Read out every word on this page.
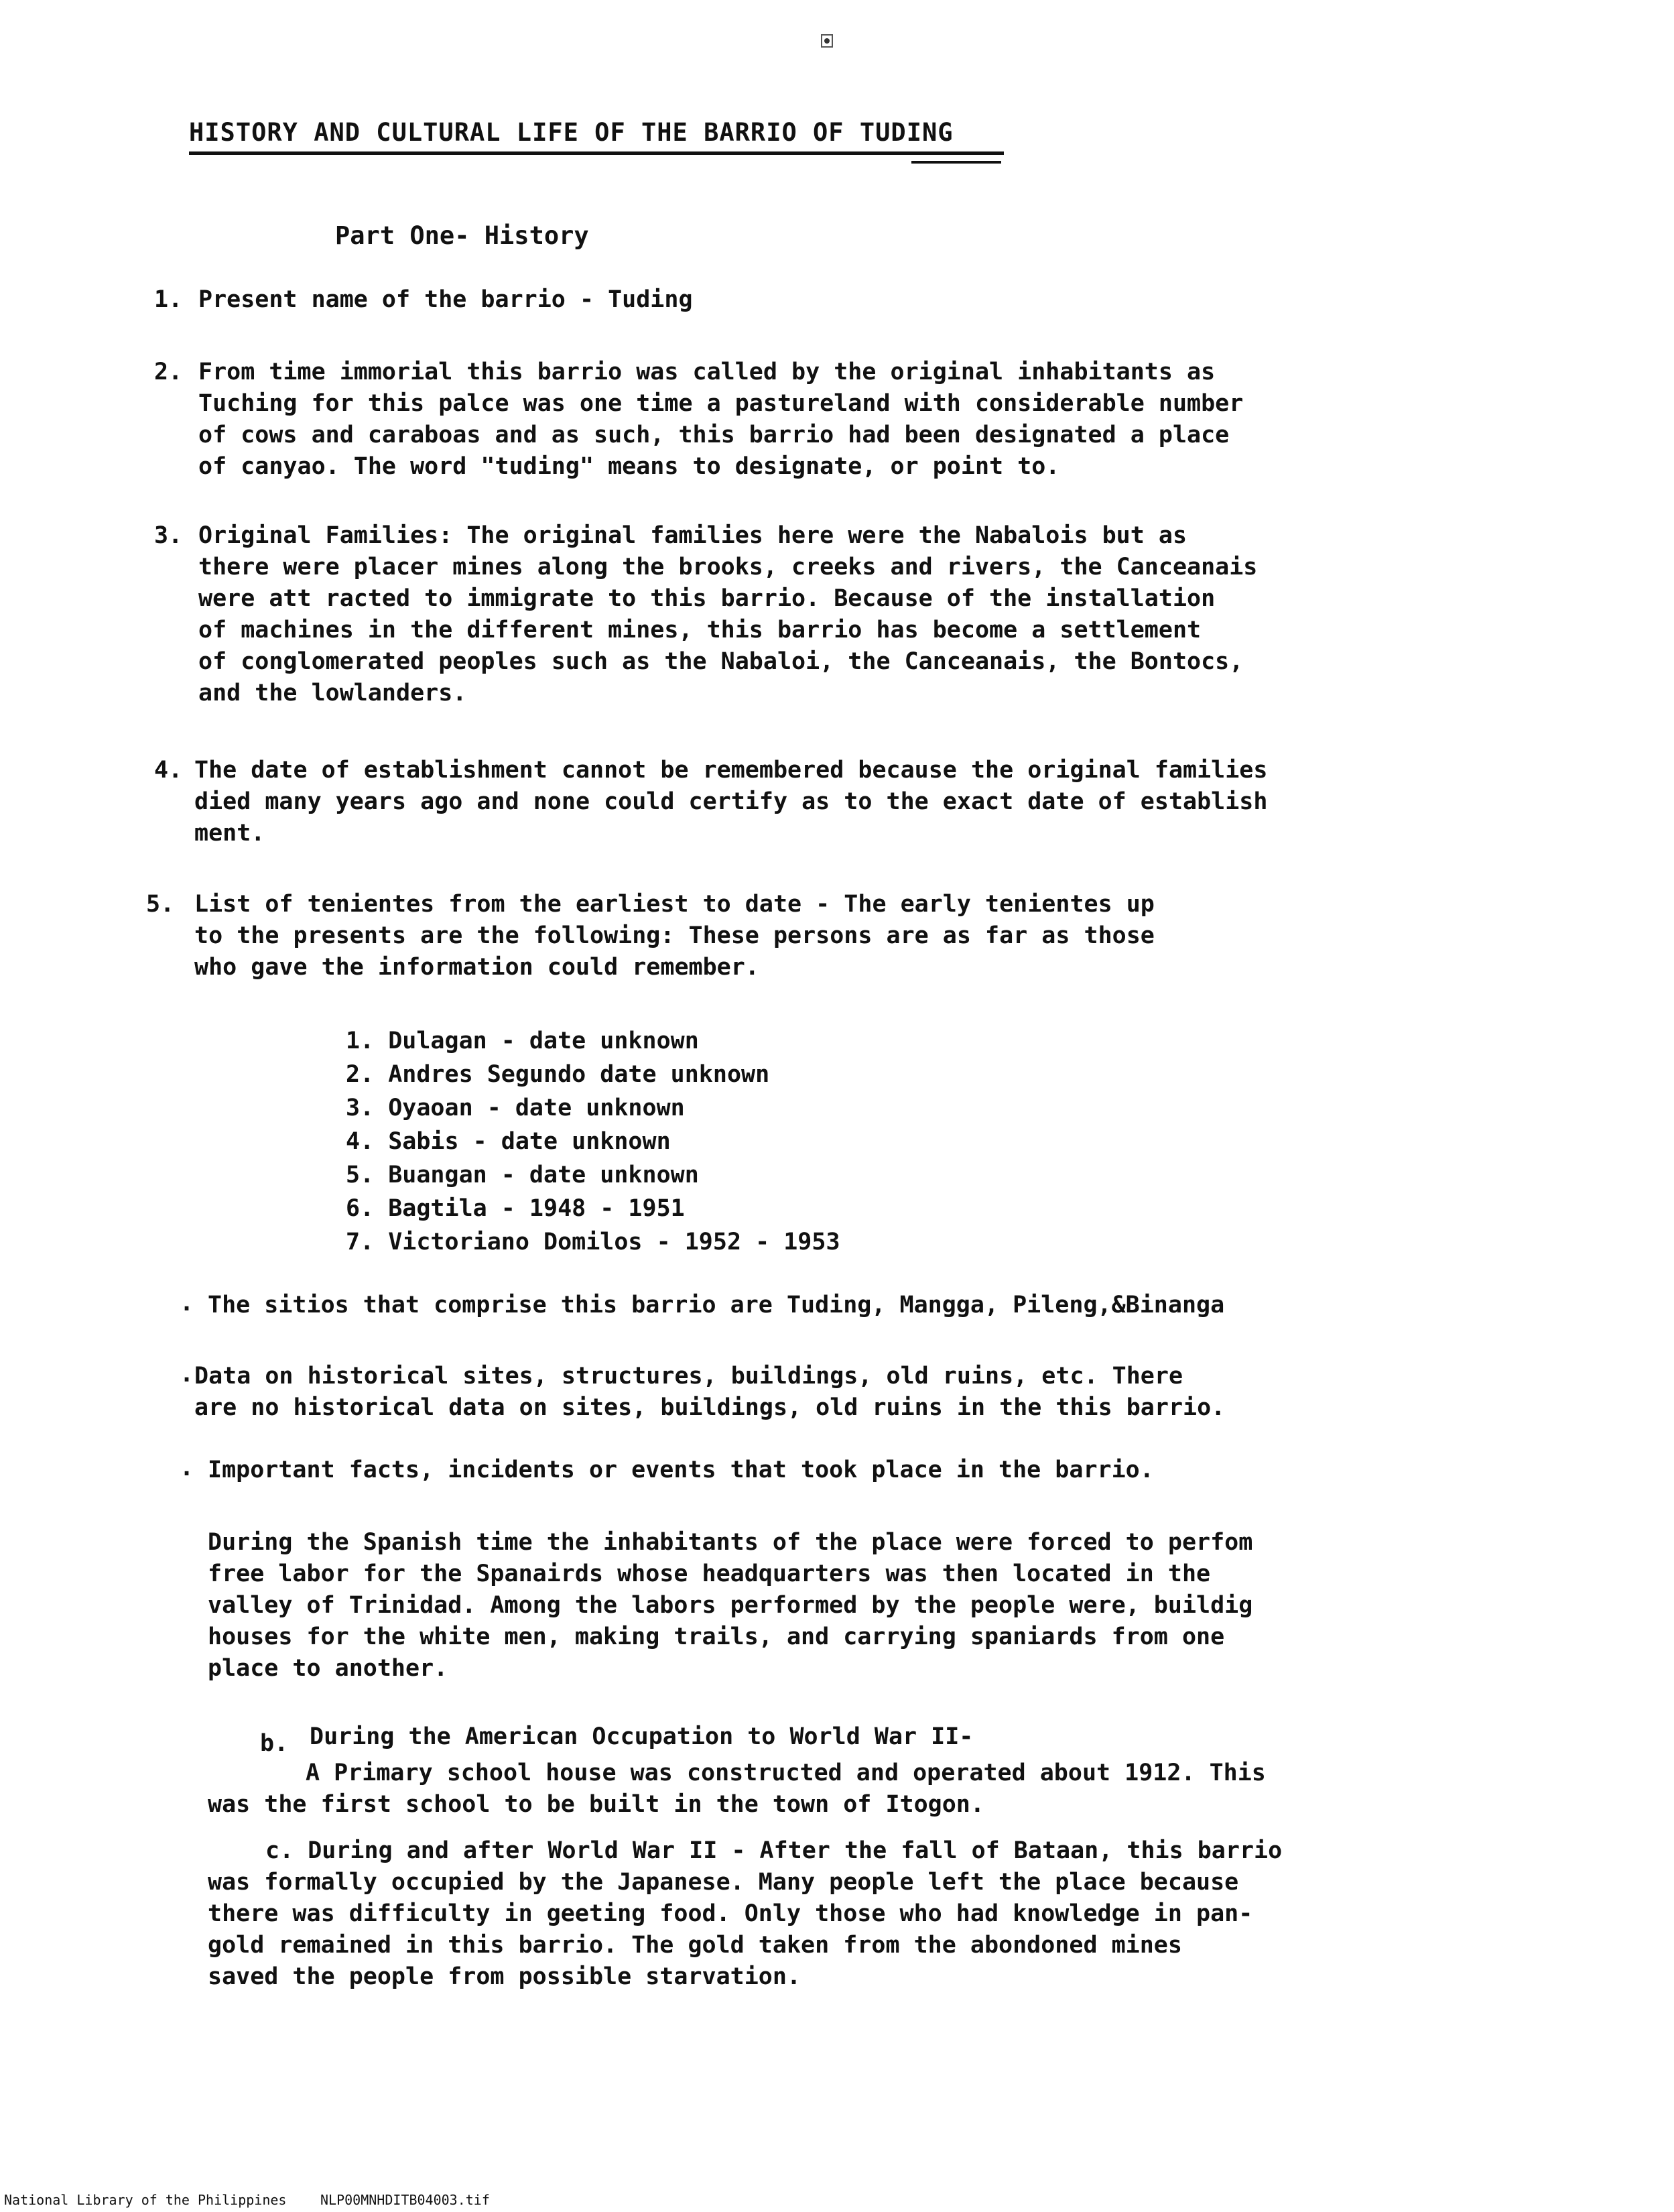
HISTORY AND CULTURAL LIFE OF THE BARRIO OF TUDING
Part One- History
1. Present name of the barrio - Tuding
2. From time immorial this barrio was called by the original inhabitants as
Tuching for this palce was one time a pastureland with considerable number
of cows and caraboas and as such, this barrio had been designated a place
of canyao. The word "tuding" means to designate, or point to.
3. Original Families: The original families here were the Nabalois but as
there were placer mines along the brooks, creeks and rivers, the Canceanais
were att racted to immigrate to this barrio. Because of the installation
of machines in the different mines, this barrio has become a settlement
of conglomerated peoples such as the Nabaloi, the Canceanais, the Bontocs,
and the lowlanders.
4. The date of establishment cannot be remembered because the original families
died many years ago and none could certify as to the exact date of establish
ment.
5. List of tenientes from the earliest to date - The early tenientes up
to the presents are the following: These persons are as far as those
who gave the information could remember.
1. Dulagan - date unknown
2. Andres Segundo date unknown
3. Oyaoan - date unknown
4. Sabis - date unknown
5. Buangan - date unknown
6. Bagtila - 1948 - 1951
7. Victoriano Domilos - 1952 - 1953
. The sitios that comprise this barrio are Tuding, Mangga, Pileng,&Binanga
. Data on historical sites, structures, buildings, old ruins, etc. There
are no historical data on sites, buildings, old ruins in the this barrio.
. Important facts, incidents or events that took place in the barrio.
During the Spanish time the inhabitants of the place were forced to perfom
free labor for the Spanairds whose headquarters was then located in the
valley of Trinidad. Among the labors performed by the people were, buildig
houses for the white men, making trails, and carrying spaniards from one
place to another.
b. During the American Occupation to World War II-
A Primary school house was constructed and operated about 1912. This
was the first school to be built in the town of Itogon.
c. During and after World War II - After the fall of Bataan, this barrio
was formally occupied by the Japanese. Many people left the place because
there was difficulty in geeting food. Only those who had knowledge in pan-
gold remained in this barrio. The gold taken from the abondoned mines
saved the people from possible starvation.
National Library of the Philippines	NLP00MNHDITB04003.tif
